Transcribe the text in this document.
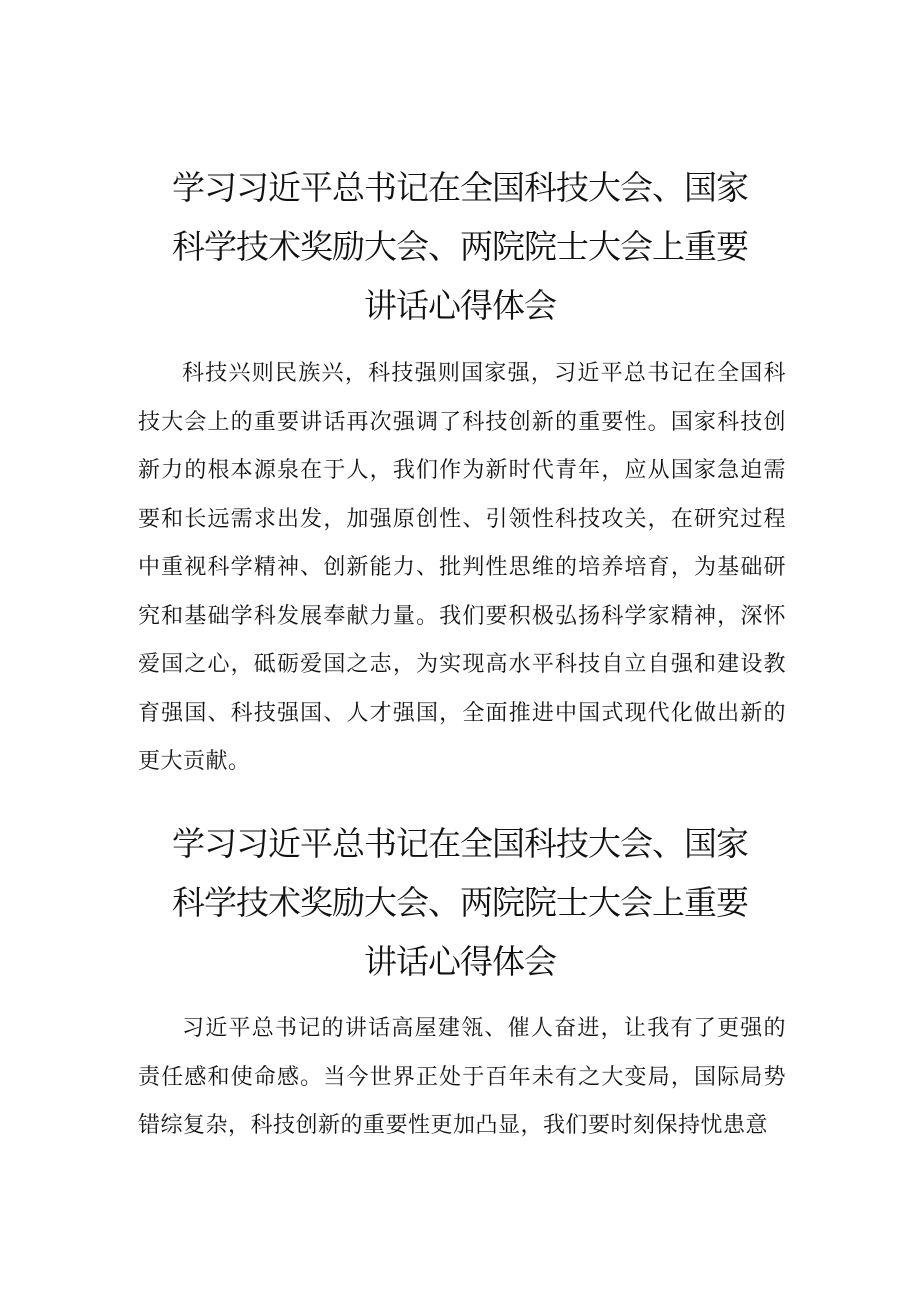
学习习近平总书记在全国科技大会、国家
科学技术奖励大会、两院院士大会上重要
讲话心得体会

科技兴则民族兴，科技强则国家强，习近平总书记在全国科技大会上的重要讲话再次强调了科技创新的重要性。国家科技创新力的根本源泉在于人，我们作为新时代青年，应从国家急迫需要和长远需求出发，加强原创性、引领性科技攻关，在研究过程中重视科学精神、创新能力、批判性思维的培养培育，为基础研究和基础学科发展奉献力量。我们要积极弘扬科学家精神，深怀爱国之心，砥砺爱国之志，为实现高水平科技自立自强和建设教育强国、科技强国、人才强国，全面推进中国式现代化做出新的更大贡献。

学习习近平总书记在全国科技大会、国家
科学技术奖励大会、两院院士大会上重要
讲话心得体会

习近平总书记的讲话高屋建瓴、催人奋进，让我有了更强的责任感和使命感。当今世界正处于百年未有之大变局，国际局势错综复杂，科技创新的重要性更加凸显，我们要时刻保持忧患意
